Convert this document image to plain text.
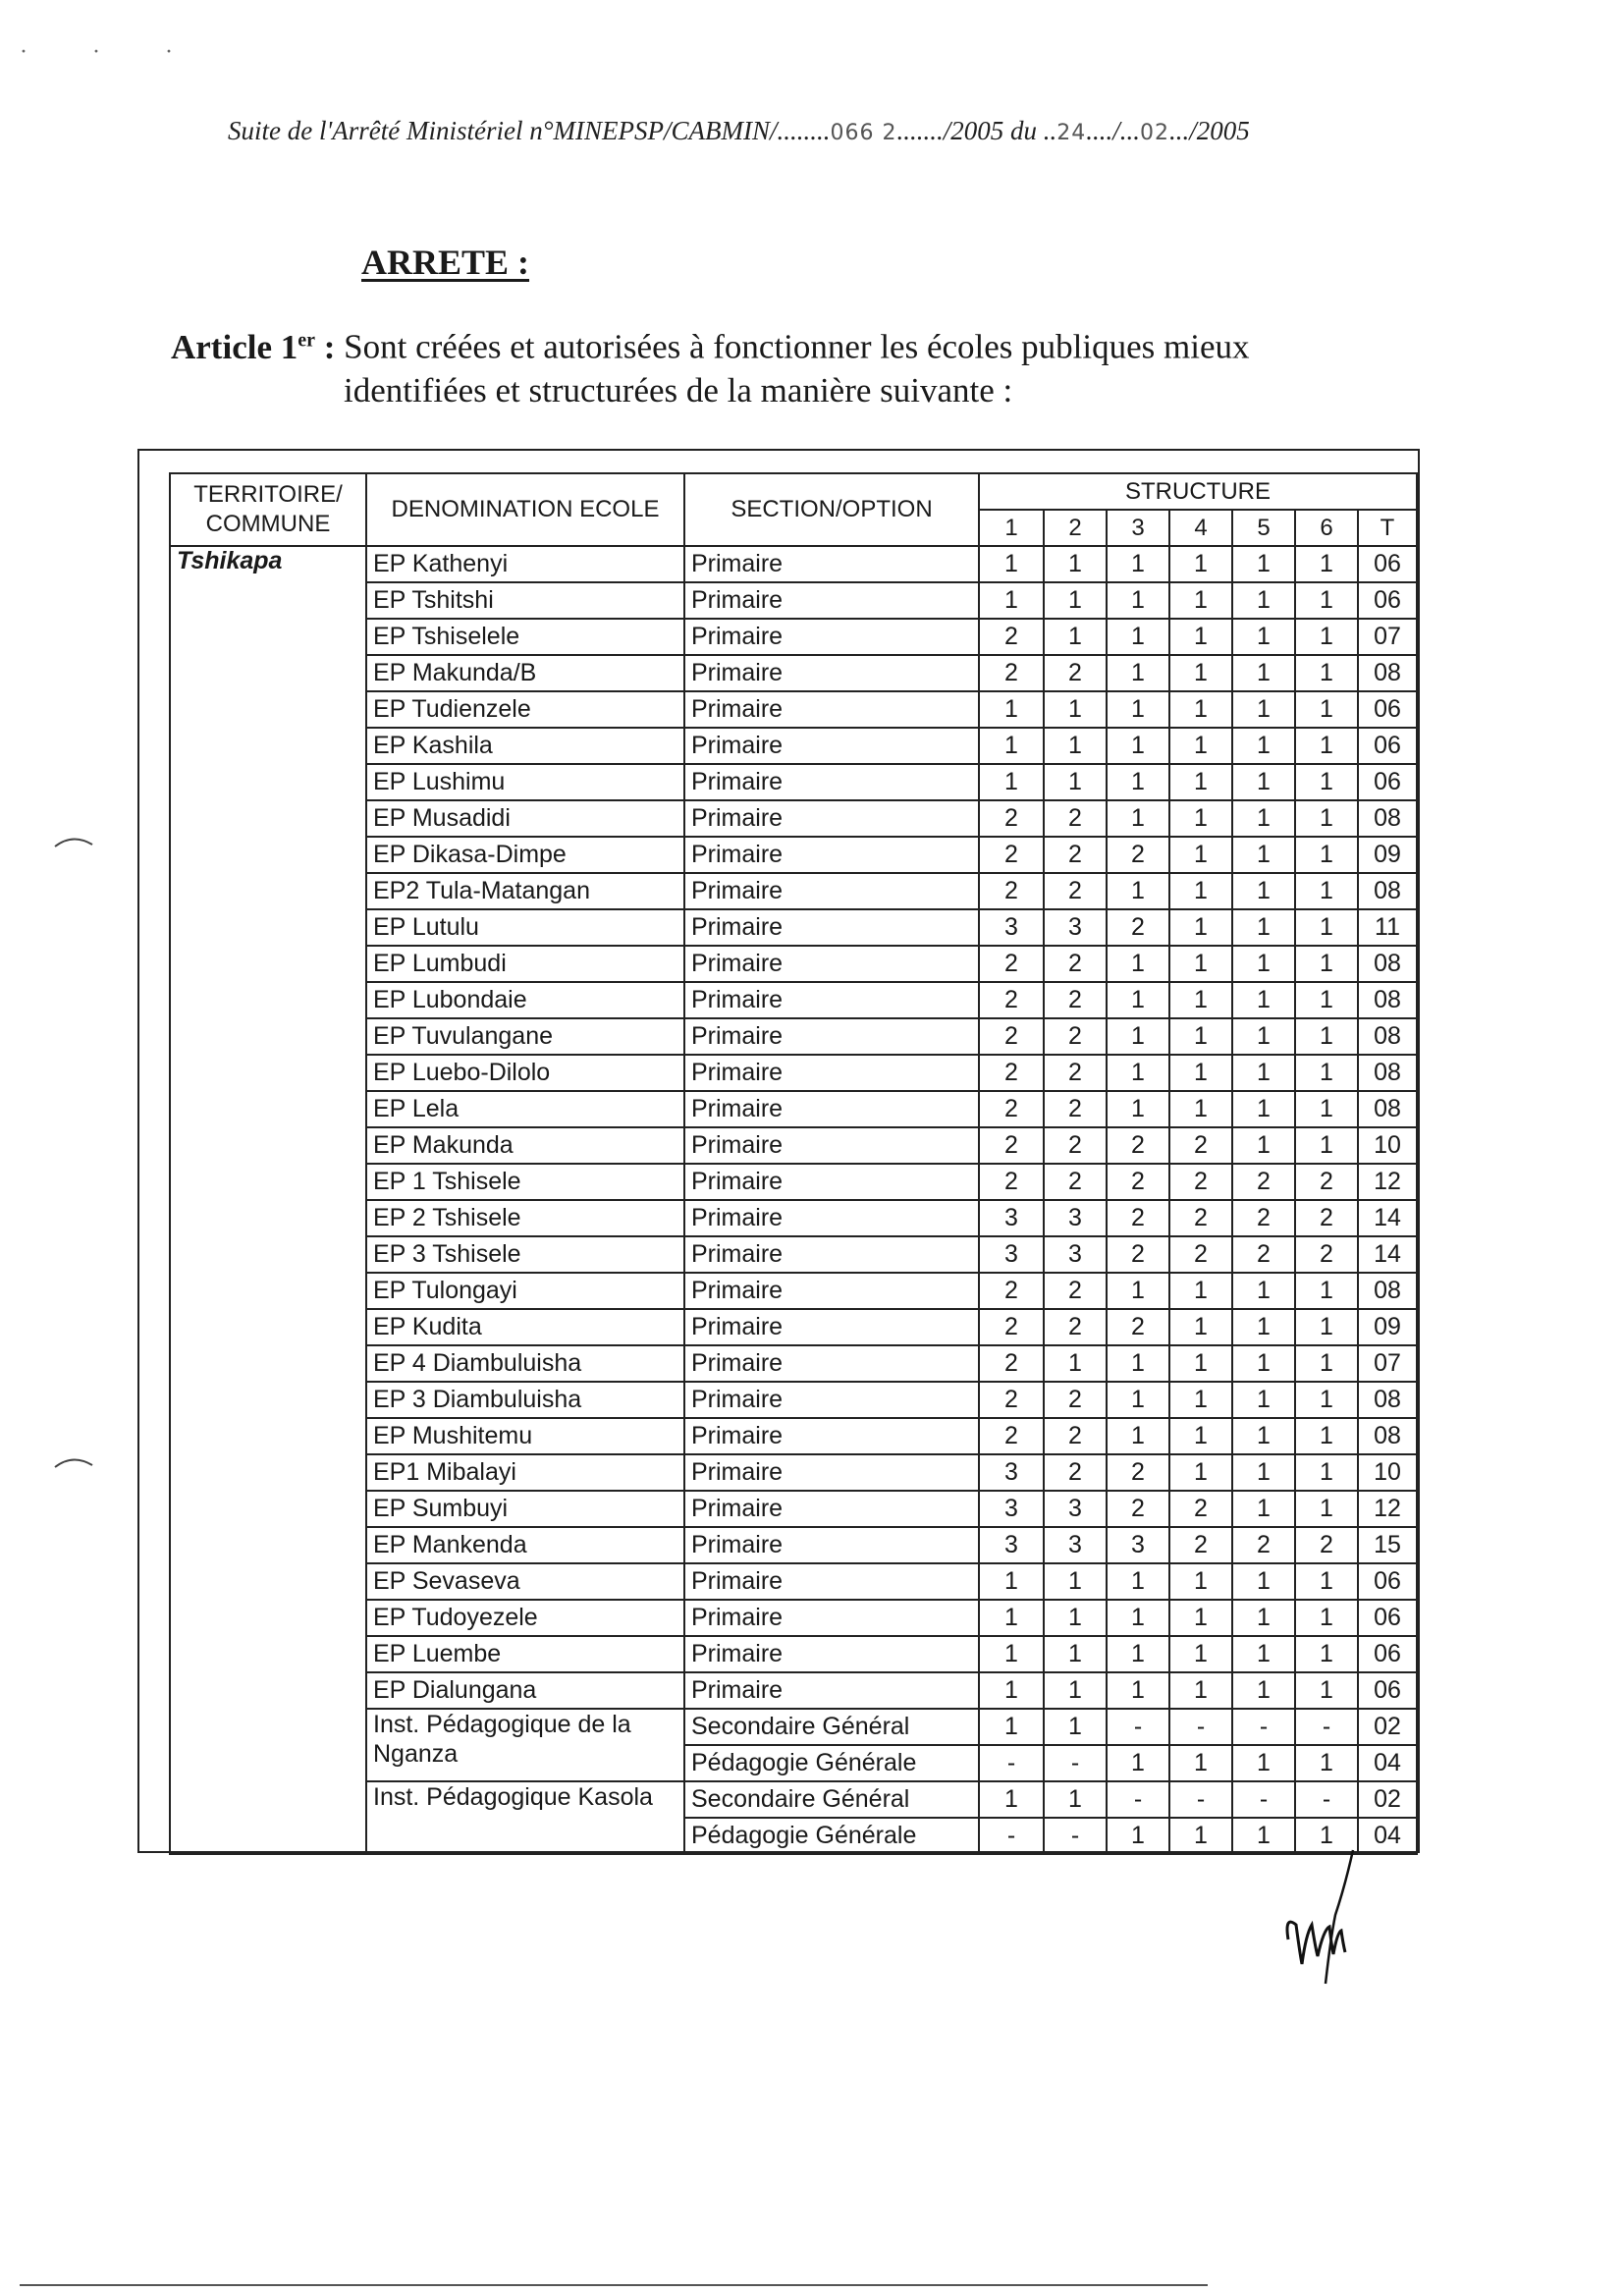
· · ·
Suite de l'Arrêté Ministériel n°MINEPSP/CABMIN/........066 2......./2005 du ..24..../...02.../2005
ARRETE :
Article 1er : Sont créées et autorisées à fonctionner les écoles publiques mieux
identifiées et structurées de la manière suivante :
TERRITOIRE/ COMMUNE	DENOMINATION ECOLE	SECTION/OPTION	STRUCTURE						
			1	2	3	4	5	6	T
Tshikapa	EP Kathenyi	Primaire	1	1	1	1	1	1	06
	EP Tshitshi	Primaire	1	1	1	1	1	1	06
	EP Tshiselele	Primaire	2	1	1	1	1	1	07
	EP Makunda/B	Primaire	2	2	1	1	1	1	08
	EP Tudienzele	Primaire	1	1	1	1	1	1	06
	EP Kashila	Primaire	1	1	1	1	1	1	06
	EP Lushimu	Primaire	1	1	1	1	1	1	06
	EP Musadidi	Primaire	2	2	1	1	1	1	08
	EP Dikasa-Dimpe	Primaire	2	2	2	1	1	1	09
	EP2 Tula-Matangan	Primaire	2	2	1	1	1	1	08
	EP Lutulu	Primaire	3	3	2	1	1	1	11
	EP Lumbudi	Primaire	2	2	1	1	1	1	08
	EP Lubondaie	Primaire	2	2	1	1	1	1	08
	EP Tuvulangane	Primaire	2	2	1	1	1	1	08
	EP Luebo-Dilolo	Primaire	2	2	1	1	1	1	08
	EP Lela	Primaire	2	2	1	1	1	1	08
	EP Makunda	Primaire	2	2	2	2	1	1	10
	EP 1 Tshisele	Primaire	2	2	2	2	2	2	12
	EP 2 Tshisele	Primaire	3	3	2	2	2	2	14
	EP 3 Tshisele	Primaire	3	3	2	2	2	2	14
	EP Tulongayi	Primaire	2	2	1	1	1	1	08
	EP Kudita	Primaire	2	2	2	1	1	1	09
	EP 4 Diambuluisha	Primaire	2	1	1	1	1	1	07
	EP 3 Diambuluisha	Primaire	2	2	1	1	1	1	08
	EP Mushitemu	Primaire	2	2	1	1	1	1	08
	EP1 Mibalayi	Primaire	3	2	2	1	1	1	10
	EP Sumbuyi	Primaire	3	3	2	2	1	1	12
	EP Mankenda	Primaire	3	3	3	2	2	2	15
	EP Sevaseva	Primaire	1	1	1	1	1	1	06
	EP Tudoyezele	Primaire	1	1	1	1	1	1	06
	EP Luembe	Primaire	1	1	1	1	1	1	06
	EP Dialungana	Primaire	1	1	1	1	1	1	06
	Inst. Pédagogique de la Nganza	Secondaire Général	1	1	-	-	-	-	02
		Pédagogie Générale	-	-	1	1	1	1	04
	Inst. Pédagogique Kasola	Secondaire Général	1	1	-	-	-	-	02
		Pédagogie Générale	-	-	1	1	1	1	04
